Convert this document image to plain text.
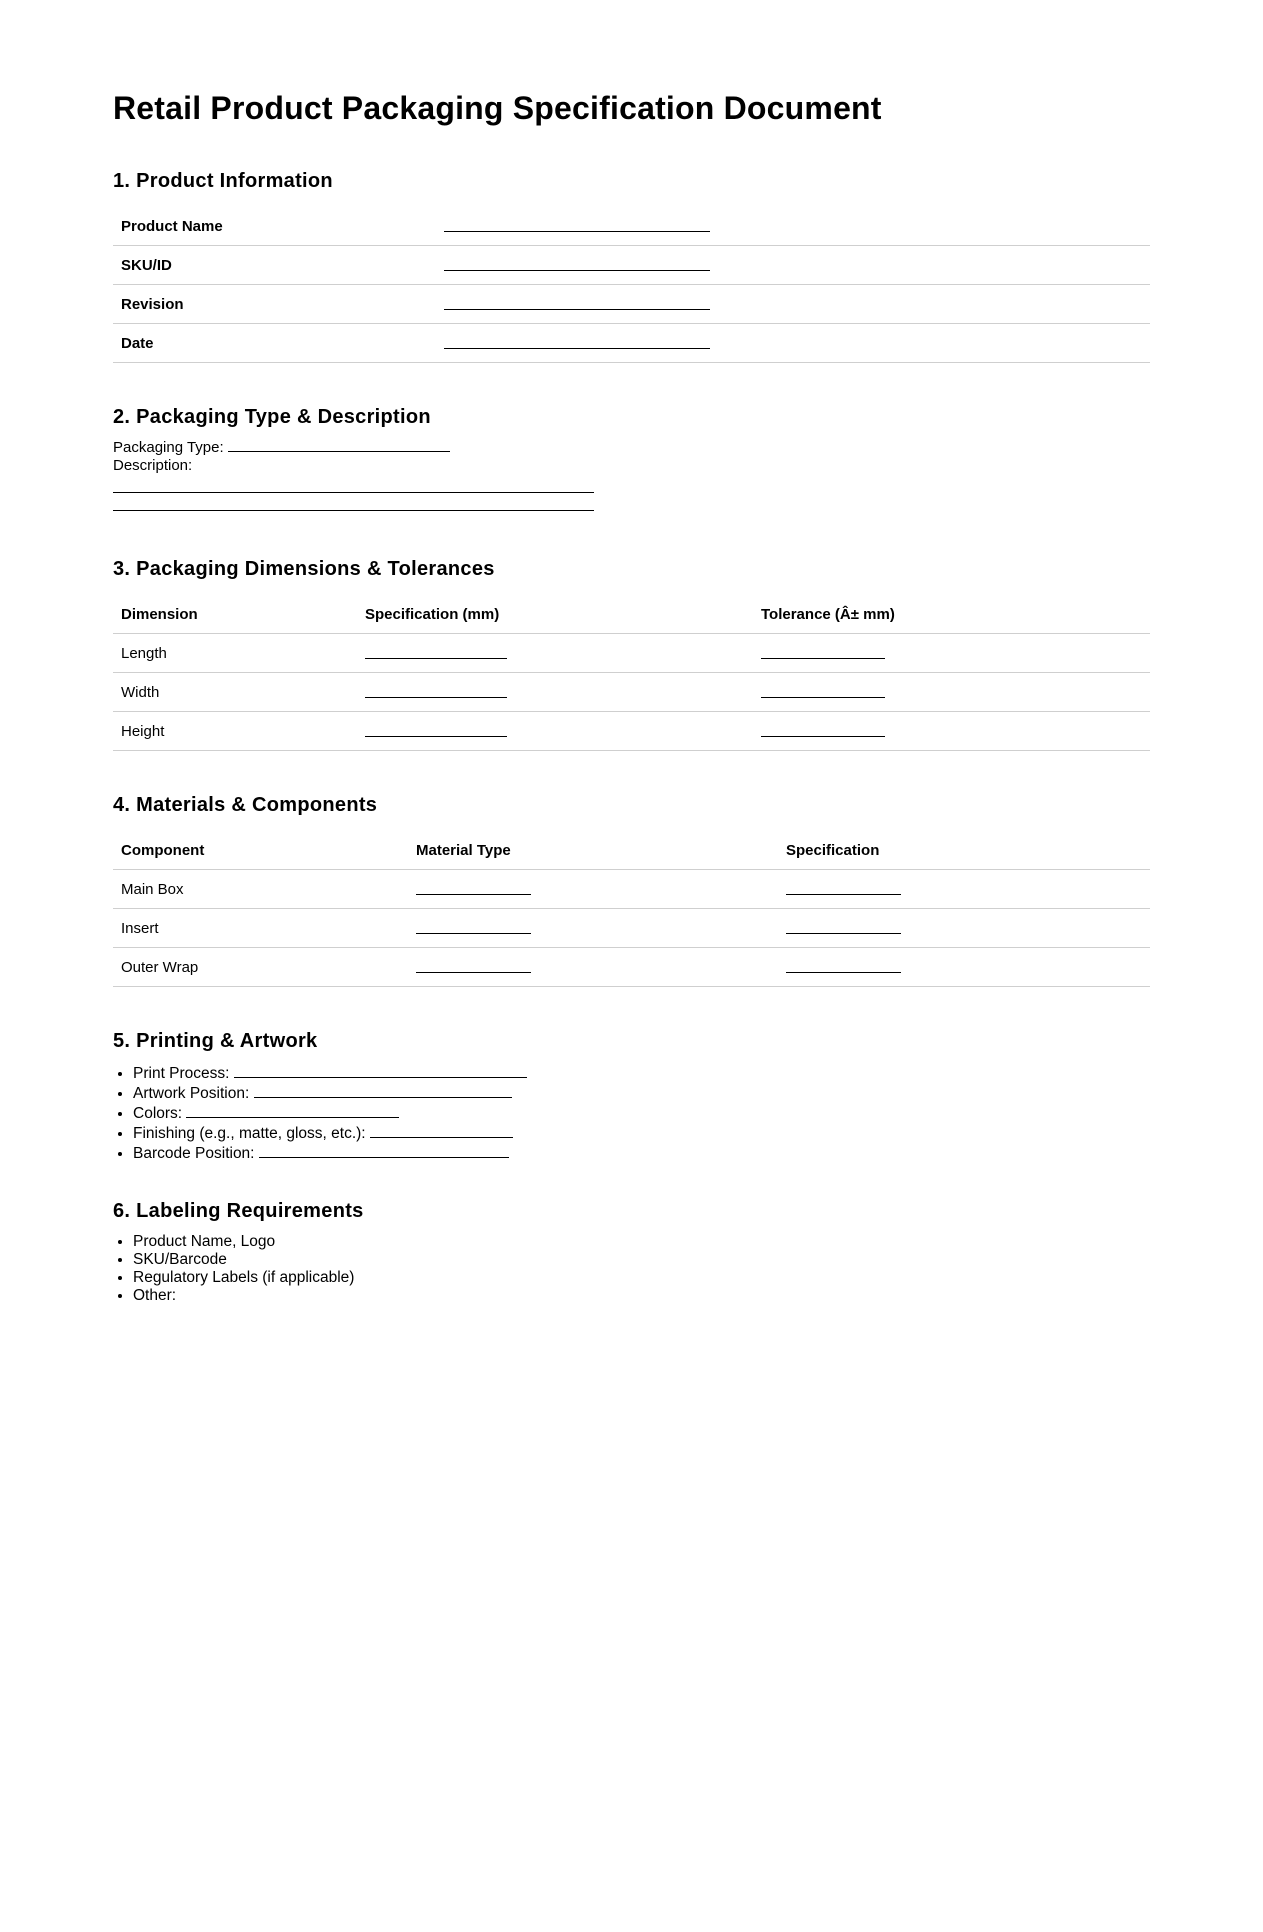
Retail Product Packaging Specification Document
1. Product Information
Product Name	
SKU/ID	
Revision	
Date	
2. Packaging Type & Description
Packaging Type:
Description:
3. Packaging Dimensions & Tolerances
Dimension	Specification (mm)	Tolerance (Â± mm)
Length		
Width		
Height		
4. Materials & Components
Component	Material Type	Specification
Main Box		
Insert		
Outer Wrap		
5. Printing & Artwork
• Print Process:
• Artwork Position:
• Colors:
• Finishing (e.g., matte, gloss, etc.):
• Barcode Position:
6. Labeling Requirements
• Product Name, Logo
• SKU/Barcode
• Regulatory Labels (if applicable)
• Other:
